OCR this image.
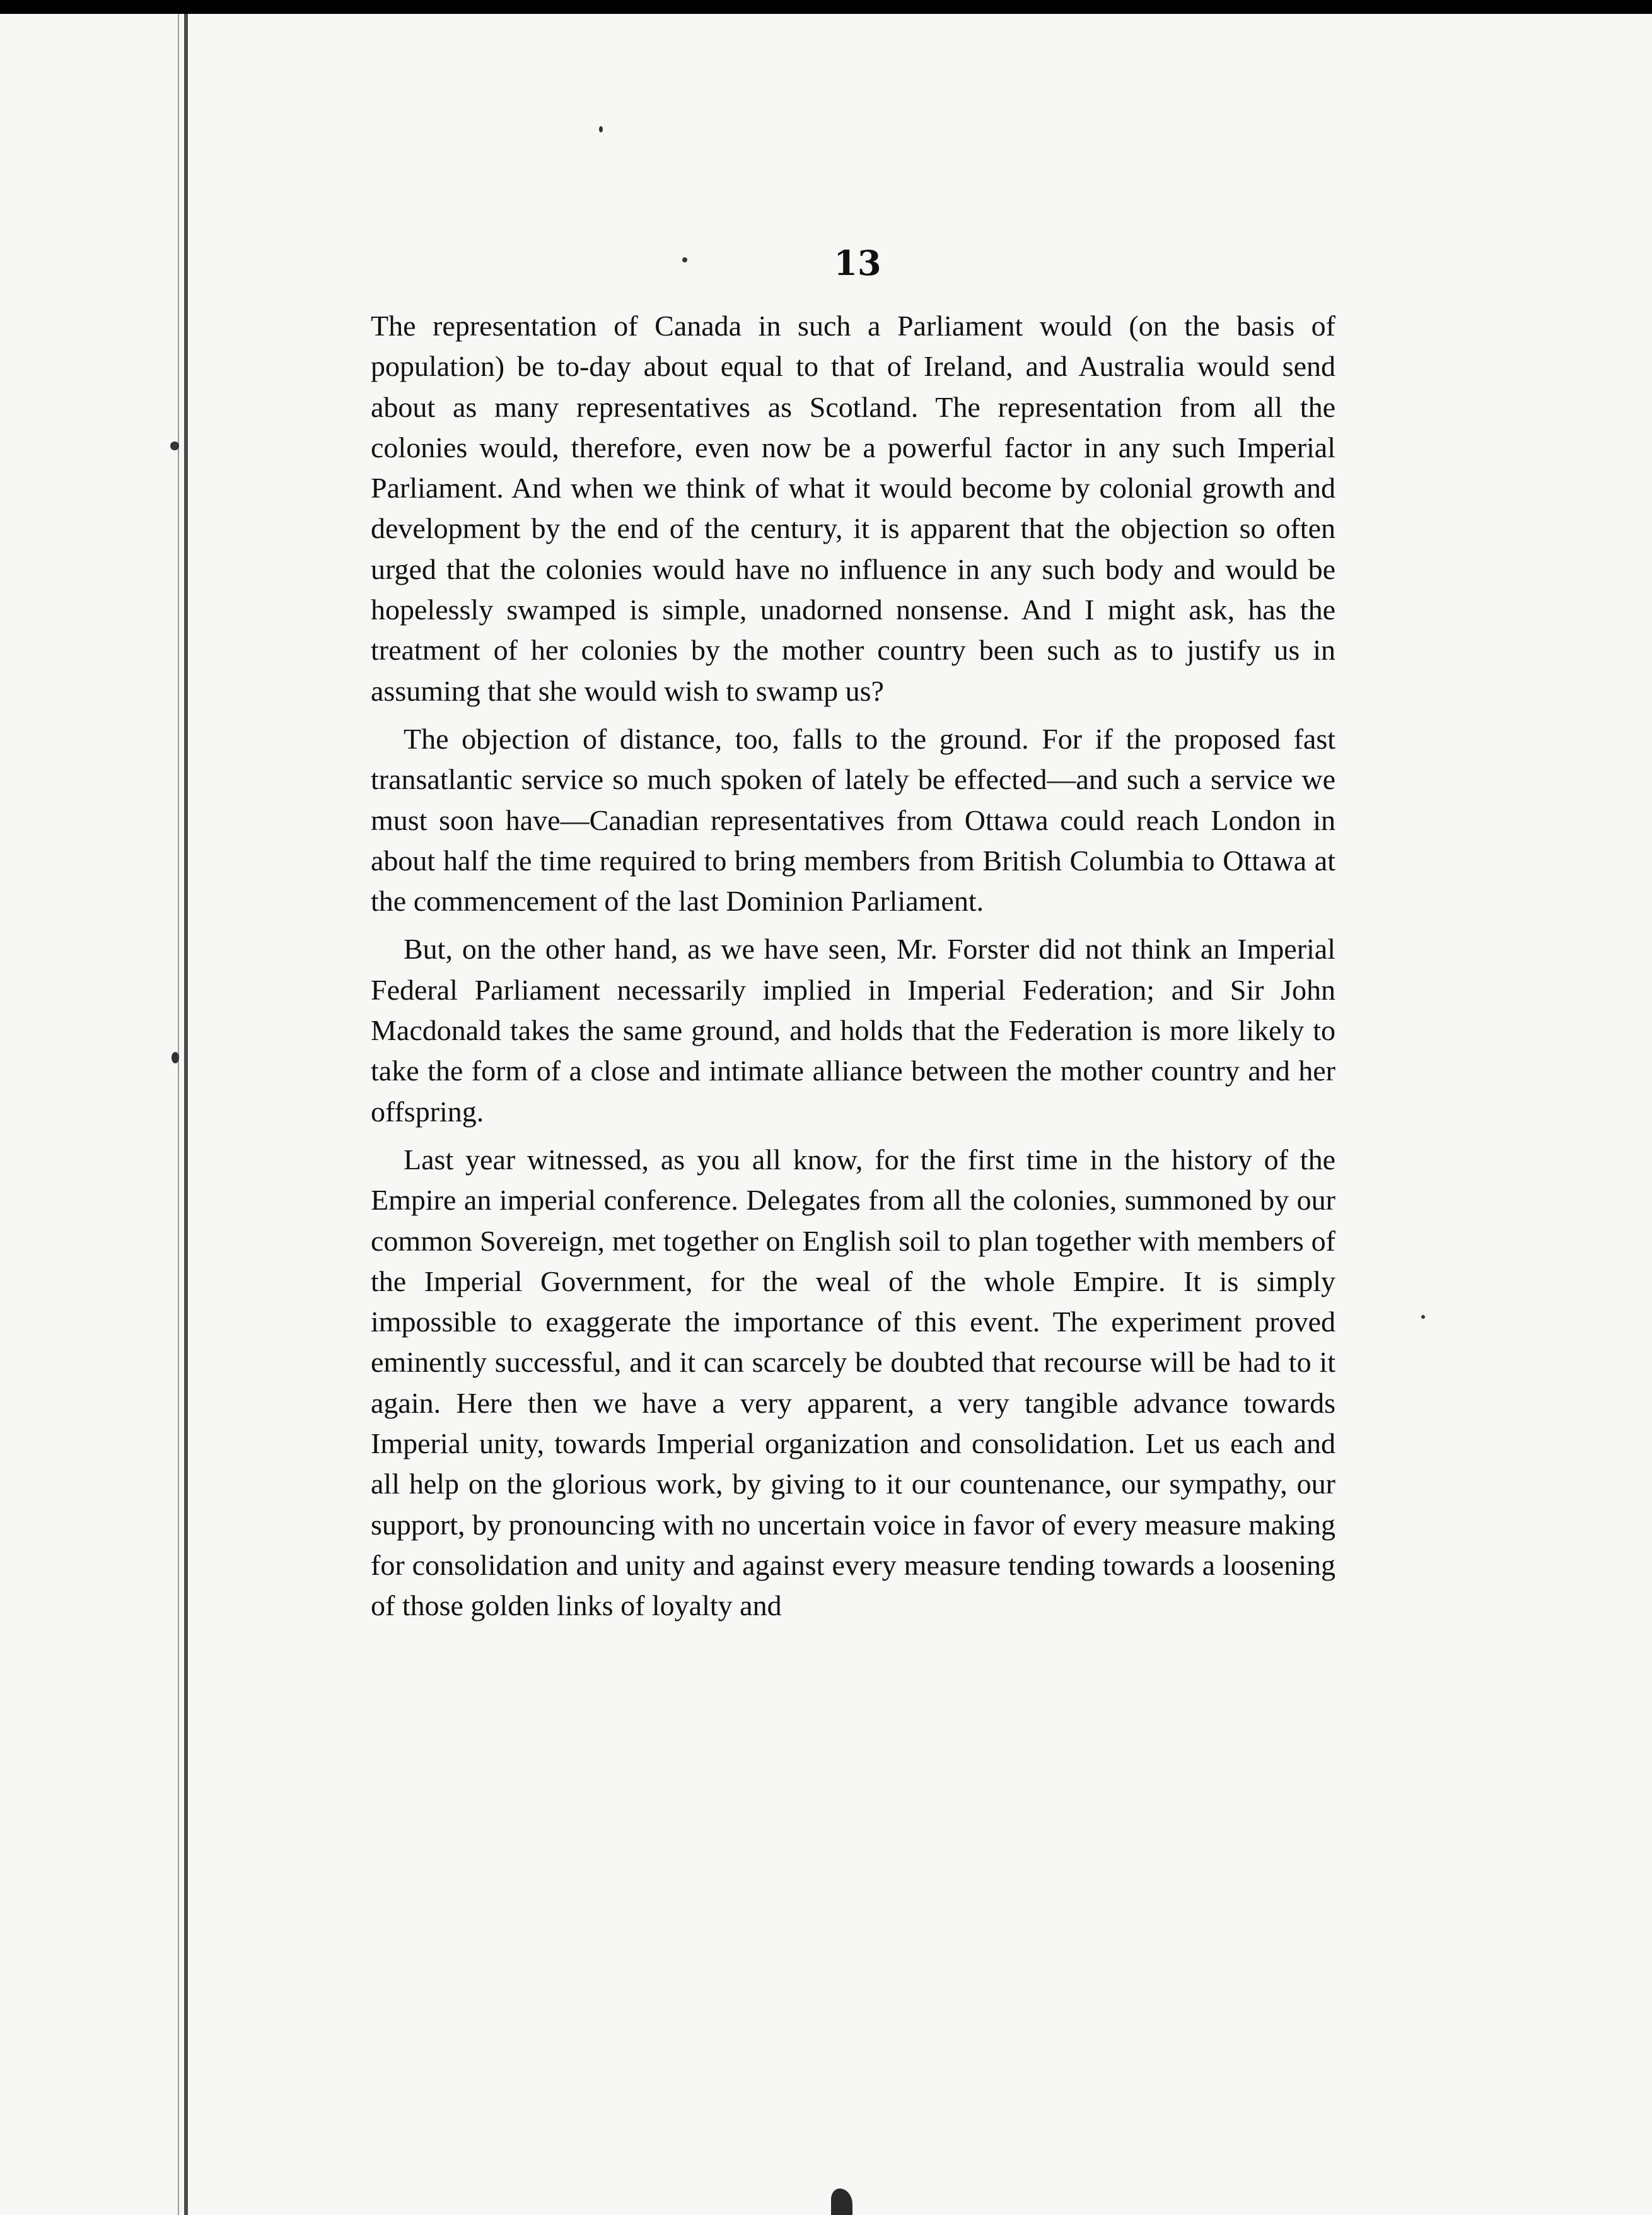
13

The representation of Canada in such a Parliament would (on the basis of population) be to-day about equal to that of Ireland, and Australia would send about as many representatives as Scotland. The representation from all the colonies would, therefore, even now be a powerful factor in any such Imperial Parliament. And when we think of what it would become by colonial growth and development by the end of the century, it is apparent that the objection so often urged that the colonies would have no influence in any such body and would be hopelessly swamped is simple, unadorned nonsense. And I might ask, has the treatment of her colonies by the mother country been such as to justify us in assuming that she would wish to swamp us?

The objection of distance, too, falls to the ground. For if the proposed fast transatlantic service so much spoken of lately be effected—and such a service we must soon have—Canadian representatives from Ottawa could reach London in about half the time required to bring members from British Columbia to Ottawa at the commencement of the last Dominion Parliament.

But, on the other hand, as we have seen, Mr. Forster did not think an Imperial Federal Parliament necessarily implied in Imperial Federation; and Sir John Macdonald takes the same ground, and holds that the Federation is more likely to take the form of a close and intimate alliance between the mother country and her offspring.

Last year witnessed, as you all know, for the first time in the history of the Empire an imperial conference. Delegates from all the colonies, summoned by our common Sovereign, met together on English soil to plan together with members of the Imperial Government, for the weal of the whole Empire. It is simply impossible to exaggerate the importance of this event. The experiment proved eminently successful, and it can scarcely be doubted that recourse will be had to it again. Here then we have a very apparent, a very tangible advance towards Imperial unity, towards Imperial organization and consolidation. Let us each and all help on the glorious work, by giving to it our countenance, our sympathy, our support, by pronouncing with no uncertain voice in favor of every measure making for consolidation and unity and against every measure tending towards a loosening of those golden links of loyalty and
